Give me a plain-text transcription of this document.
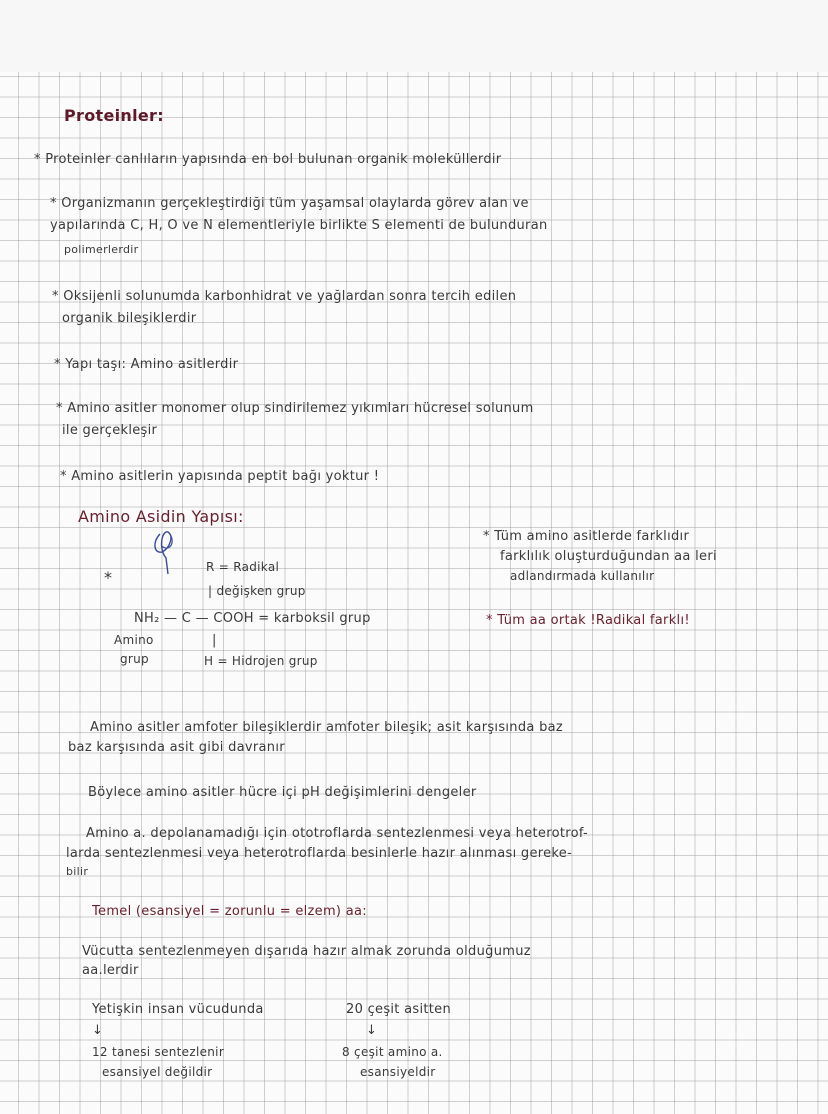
Proteinler:
* Proteinler canlıların yapısında en bol bulunan organik moleküllerdir
* Organizmanın gerçekleştirdiği tüm yaşamsal olaylarda görev alan ve
yapılarında C, H, O ve N elementleriyle birlikte S elementi de bulunduran
polimerlerdir
* Oksijenli solunumda karbonhidrat ve yağlardan sonra tercih edilen
organik bileşiklerdir
* Yapı taşı: Amino asitlerdir
* Amino asitler monomer olup sindirilemez yıkımları hücresel solunum
ile gerçekleşir
* Amino asitlerin yapısında peptit bağı yoktur !
Amino Asidin Yapısı:
*
R = Radikal
| değişken grup
NH₂ — C — COOH = karboksil grup
Amino
grup
|
H = Hidrojen grup
* Tüm amino asitlerde farklıdır
farklılık oluşturduğundan aa leri
adlandırmada kullanılır
* Tüm aa ortak !Radikal farklı!
Amino asitler amfoter bileşiklerdir amfoter bileşik; asit karşısında baz
baz karşısında asit gibi davranır
Böylece amino asitler hücre içi pH değişimlerini dengeler
Amino a. depolanamadığı için ototroflarda sentezlenmesi veya heterotrof-
larda sentezlenmesi veya heterotroflarda besinlerle hazır alınması gereke-
bilir
Temel (esansiyel = zorunlu = elzem) aa:
Vücutta sentezlenmeyen dışarıda hazır almak zorunda olduğumuz
aa.lerdir
Yetişkin insan vücudunda	20 çeşit asitten
↓	↓
12 tanesi sentezlenir
esansiyel değildir
8 çeşit amino a.
esansiyeldir
